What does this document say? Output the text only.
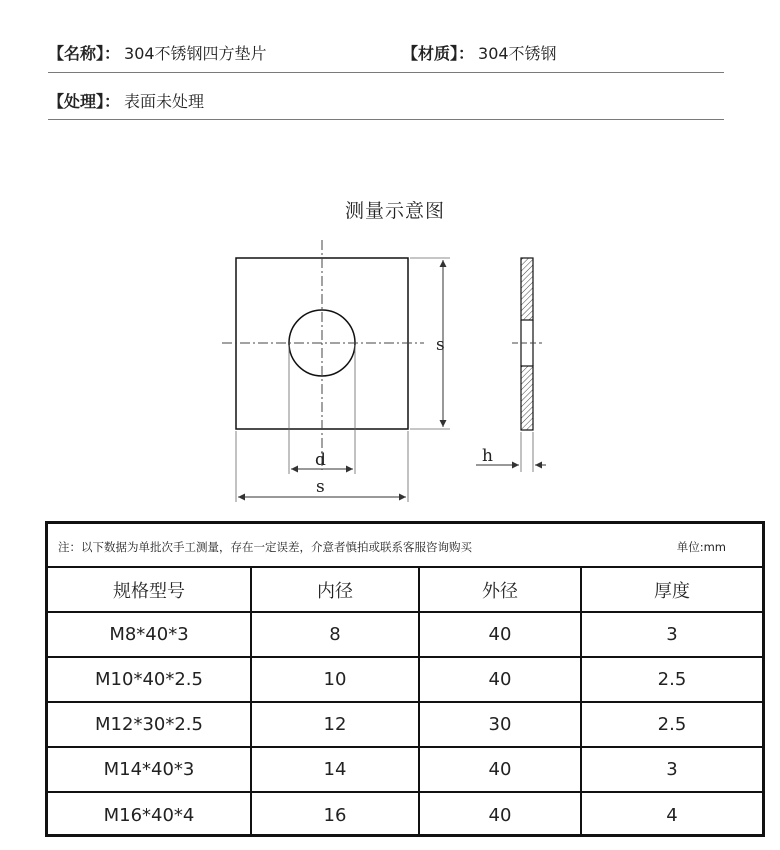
【名称】： 304不锈钢四方垫片	【材质】： 304不锈钢
【处理】： 表面未处理
测量示意图
s
d
s
h
注：以下数据为单批次手工测量，存在一定误差，介意者慎拍或联系客服咨询购买	单位:mm
规格型号	内径	外径	厚度
M8*40*3	8	40	3
M10*40*2.5	10	40	2.5
M12*30*2.5	12	30	2.5
M14*40*3	14	40	3
M16*40*4	16	40	4
